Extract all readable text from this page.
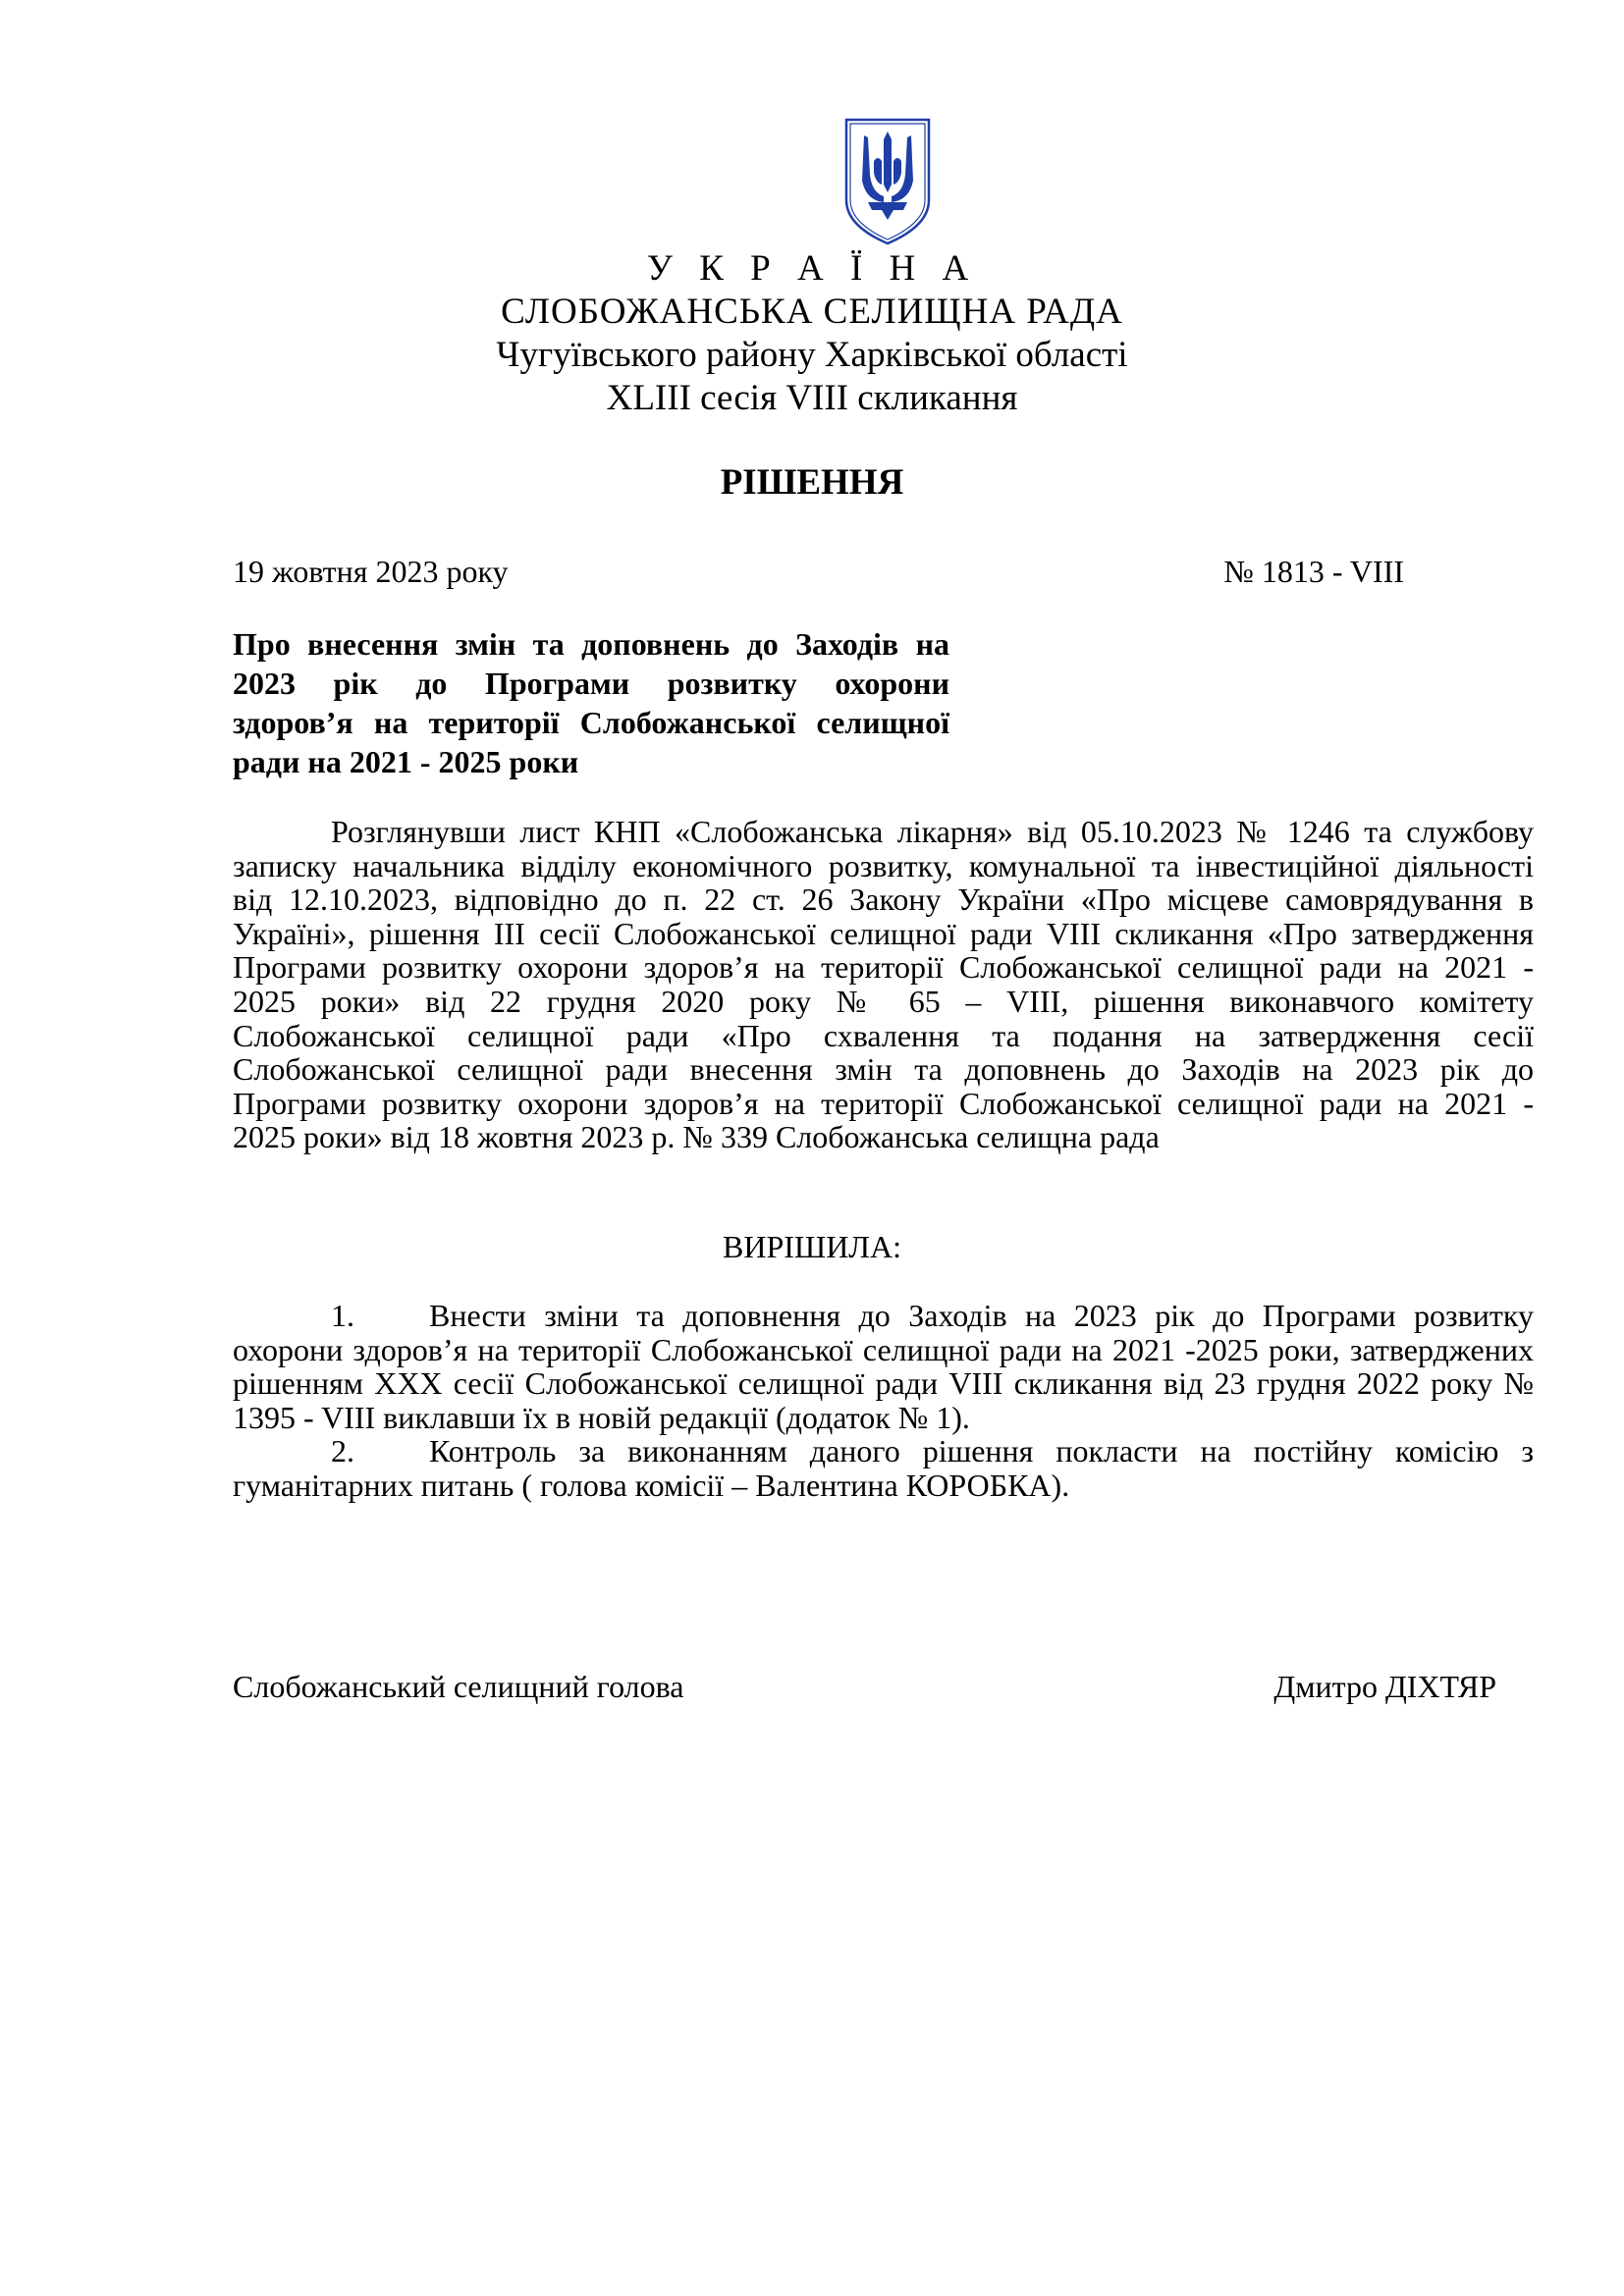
У К Р А Ї Н А
СЛОБОЖАНСЬКА СЕЛИЩНА РАДА
Чугуївського району Харківської області
XLIII сесія VIII скликання
РІШЕННЯ
19 жовтня 2023 року	№ 1813 - VIII
Про внесення змін та доповнень до Заходів на
2023 рік до Програми розвитку охорони
здоров’я на території Слобожанської селищної
ради на 2021 - 2025 роки
Розглянувши лист КНП «Слобожанська лікарня» від 05.10.2023 № 1246 та службову
записку начальника відділу економічного розвитку, комунальної та інвестиційної діяльності
від 12.10.2023, відповідно до п. 22 ст. 26 Закону України «Про місцеве самоврядування в
Україні», рішення ІІІ сесії Слобожанської селищної ради VIII скликання «Про затвердження
Програми розвитку охорони здоров’я на території Слобожанської селищної ради на 2021 -
2025 роки» від 22 грудня 2020 року № 65 – VIII, рішення виконавчого комітету
Слобожанської селищної ради «Про схвалення та подання на затвердження сесії
Слобожанської селищної ради внесення змін та доповнень до Заходів на 2023 рік до
Програми розвитку охорони здоров’я на території Слобожанської селищної ради на 2021 -
2025 роки» від 18 жовтня 2023 р. № 339 Слобожанська селищна рада
ВИРІШИЛА:
1. Внести зміни та доповнення до Заходів на 2023 рік до Програми розвитку
охорони здоров’я на території Слобожанської селищної ради на 2021 -2025 роки, затверджених
рішенням ХХХ сесії Слобожанської селищної ради VIII скликання від 23 грудня 2022 року №
1395 - VIII виклавши їх в новій редакції (додаток № 1).
2. Контроль за виконанням даного рішення покласти на постійну комісію з
гуманітарних питань ( голова комісії – Валентина КОРОБКА).
Слобожанський селищний голова	Дмитро ДІХТЯР
